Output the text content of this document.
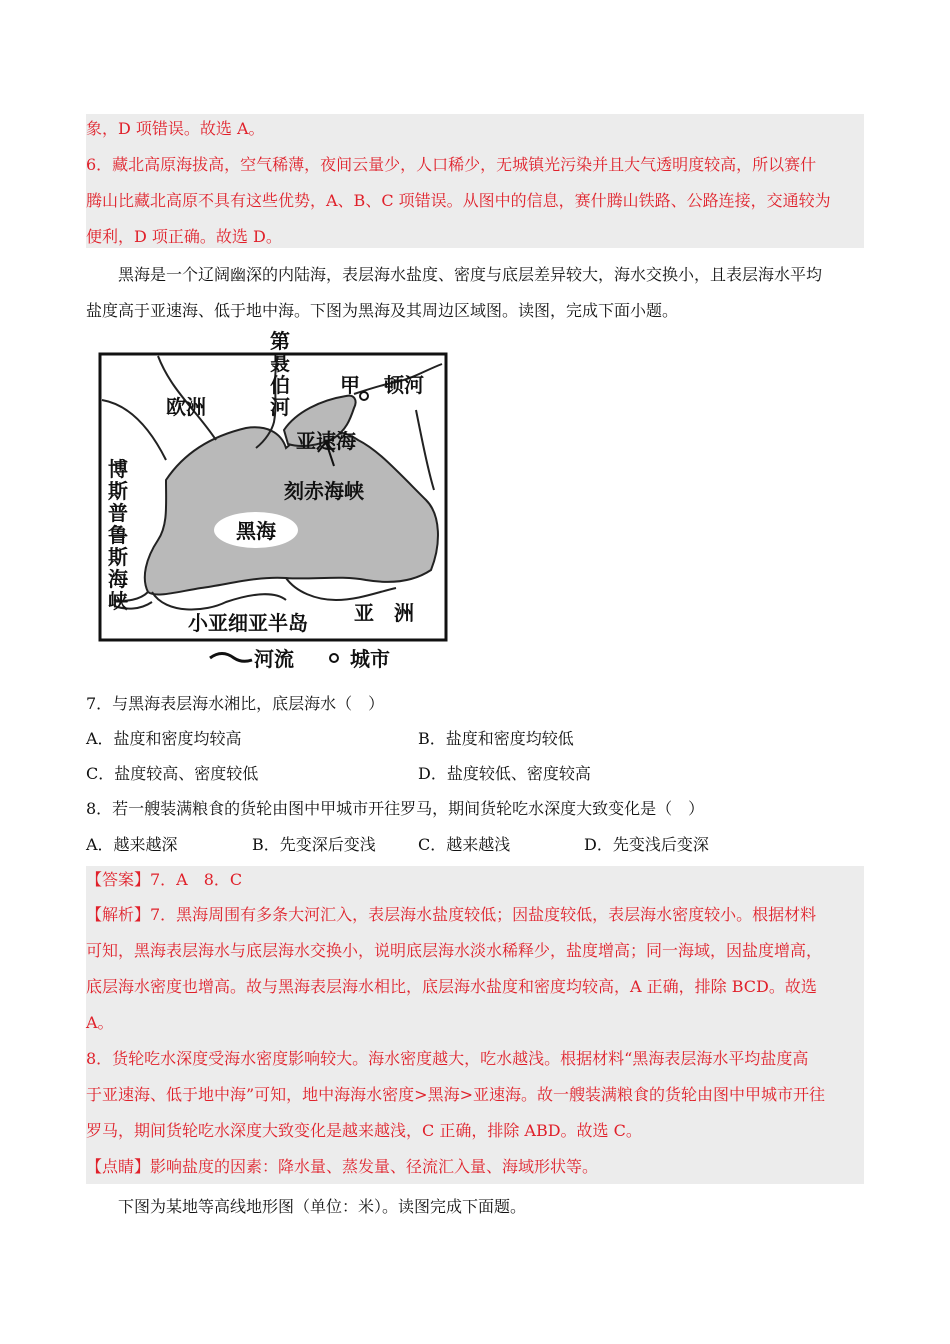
象，D 项错误。故选 A。
6．藏北高原海拔高，空气稀薄，夜间云量少，人口稀少，无城镇光污染并且大气透明度较高，所以赛什
腾山比藏北高原不具有这些优势，A、B、C 项错误。从图中的信息，赛什腾山铁路、公路连接，交通较为
便利，D 项正确。故选 D。
黑海是一个辽阔幽深的内陆海，表层海水盐度、密度与底层差异较大，海水交换小，且表层海水平均
盐度高于亚速海、低于地中海。下图为黑海及其周边区域图。读图，完成下面小题。
第
聂
伯
河
欧洲
甲 顿河
亚速海
刻赤海峡
黑海
博
斯
普
鲁
斯
海
峡
小亚细亚半岛 亚　洲
河流	城市
7．与黑海表层海水湘比，底层海水（　）
A．盐度和密度均较高	B．盐度和密度均较低
C．盐度较高、密度较低	D．盐度较低、密度较高
8．若一艘装满粮食的货轮由图中甲城市开往罗马，期间货轮吃水深度大致变化是（　）
A．越来越深	B．先变深后变浅	C．越来越浅	D．先变浅后变深
【答案】7．A　8．C
【解析】7．黑海周围有多条大河汇入，表层海水盐度较低；因盐度较低，表层海水密度较小。根据材料
可知，黑海表层海水与底层海水交换小，说明底层海水淡水稀释少，盐度增高；同一海域，因盐度增高，
底层海水密度也增高。故与黑海表层海水相比，底层海水盐度和密度均较高，A 正确，排除 BCD。故选
A。
8．货轮吃水深度受海水密度影响较大。海水密度越大，吃水越浅。根据材料“黑海表层海水平均盐度高
于亚速海、低于地中海”可知，地中海海水密度>黑海>亚速海。故一艘装满粮食的货轮由图中甲城市开往
罗马，期间货轮吃水深度大致变化是越来越浅，C 正确，排除 ABD。故选 C。
【点睛】影响盐度的因素：降水量、蒸发量、径流汇入量、海域形状等。
下图为某地等高线地形图（单位：米）。读图完成下面题。
